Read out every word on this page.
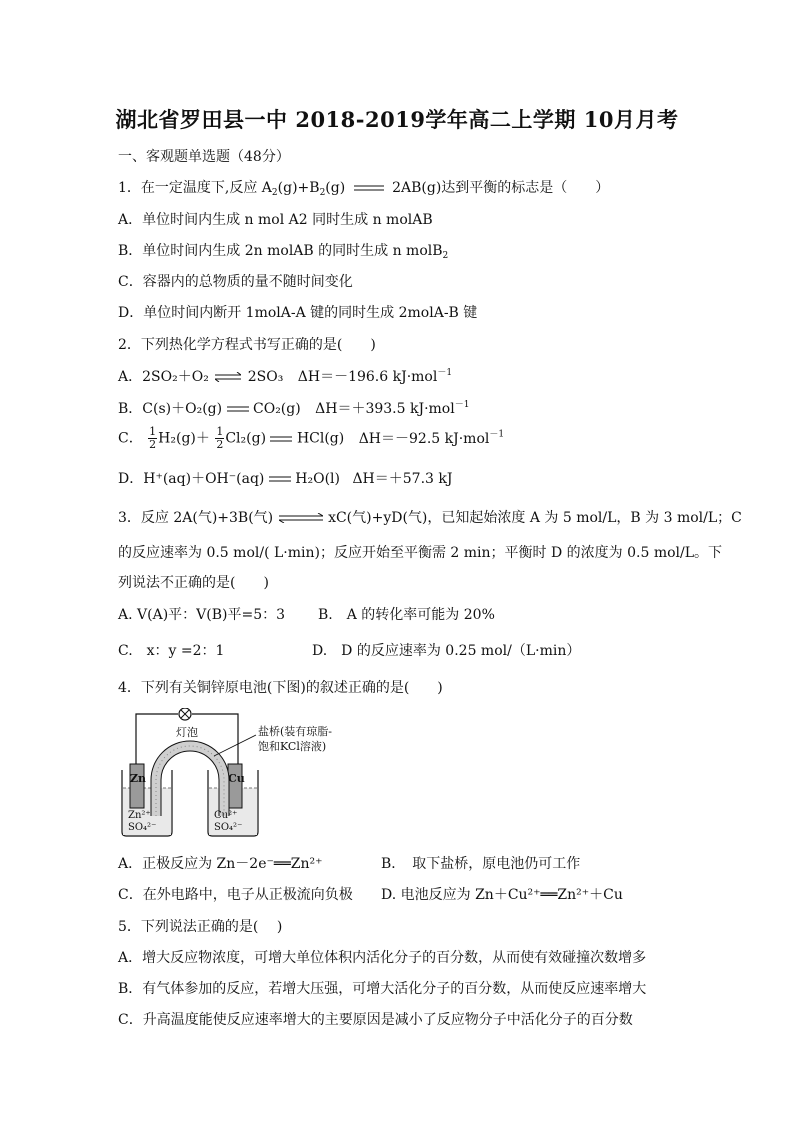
湖北省罗田县一中 2018-2019学年高二上学期 10月月考
一、客观题单选题（48分）
1．在一定温度下,反应 $A_2(g)+B_2(g)$	2AB(g)达到平衡的标志是（　　）
A．单位时间内生成 n mol A2 同时生成 n molAB
B．单位时间内生成 2n molAB 的同时生成 n molB$_2$
C．容器内的总物质的量不随时间变化
D．单位时间内断开 1molA-A 键的同时生成 2molA-B 键
2．下列热化学方程式书写正确的是(　　)
A．2SO₂＋O₂ ⇌ 2SO₃ ΔH＝－196.6 kJ·mol$^{-1}$
B．C(s)＋O₂(g) CO₂(g) ΔH＝＋393.5 kJ·mol$^{-1}$
C． $\frac{1}{2} H_2(g)+ \frac{1}{2} Cl_2(g)$ HCl(g) ΔH＝－92.5 kJ·mol$^{-1}$
D．H⁺(aq)＋OH⁻(aq) H₂O(l) ΔH＝＋57.3 kJ
3．反应 2A(气)+3B(气) ⇌ xC(气)+yD(气)，已知起始浓度 A 为 5 mol/L，B 为 3 mol/L；C
的反应速率为 0.5 mol/( L·min)；反应开始至平衡需 2 min；平衡时 D 的浓度为 0.5 mol/L。下
列说法不正确的是(　　)
A. V(A)平：V(B)平=5：3 B.　A 的转化率可能为 20%
C.　x：y =2：1	D.　D 的反应速率为 0.25 mol/（L·min）
4．下列有关铜锌原电池(下图)的叙述正确的是(　　)
灯泡	盐桥(装有琼脂-
饱和KCl溶液)
Zn	Cu
Zn²⁺	Cu²⁺
SO₄²⁻	SO₄²⁻
A．正极反应为 Zn－2e⁻══Zn²⁺	B．　取下盐桥，原电池仍可工作
C．在外电路中，电子从正极流向负极 D. 电池反应为 Zn＋Cu²⁺══Zn²⁺＋Cu
5．下列说法正确的是(　 )
A．增大反应物浓度，可增大单位体积内活化分子的百分数，从而使有效碰撞次数增多
B．有气体参加的反应，若增大压强，可增大活化分子的百分数，从而使反应速率增大
C．升高温度能使反应速率增大的主要原因是减小了反应物分子中活化分子的百分数
